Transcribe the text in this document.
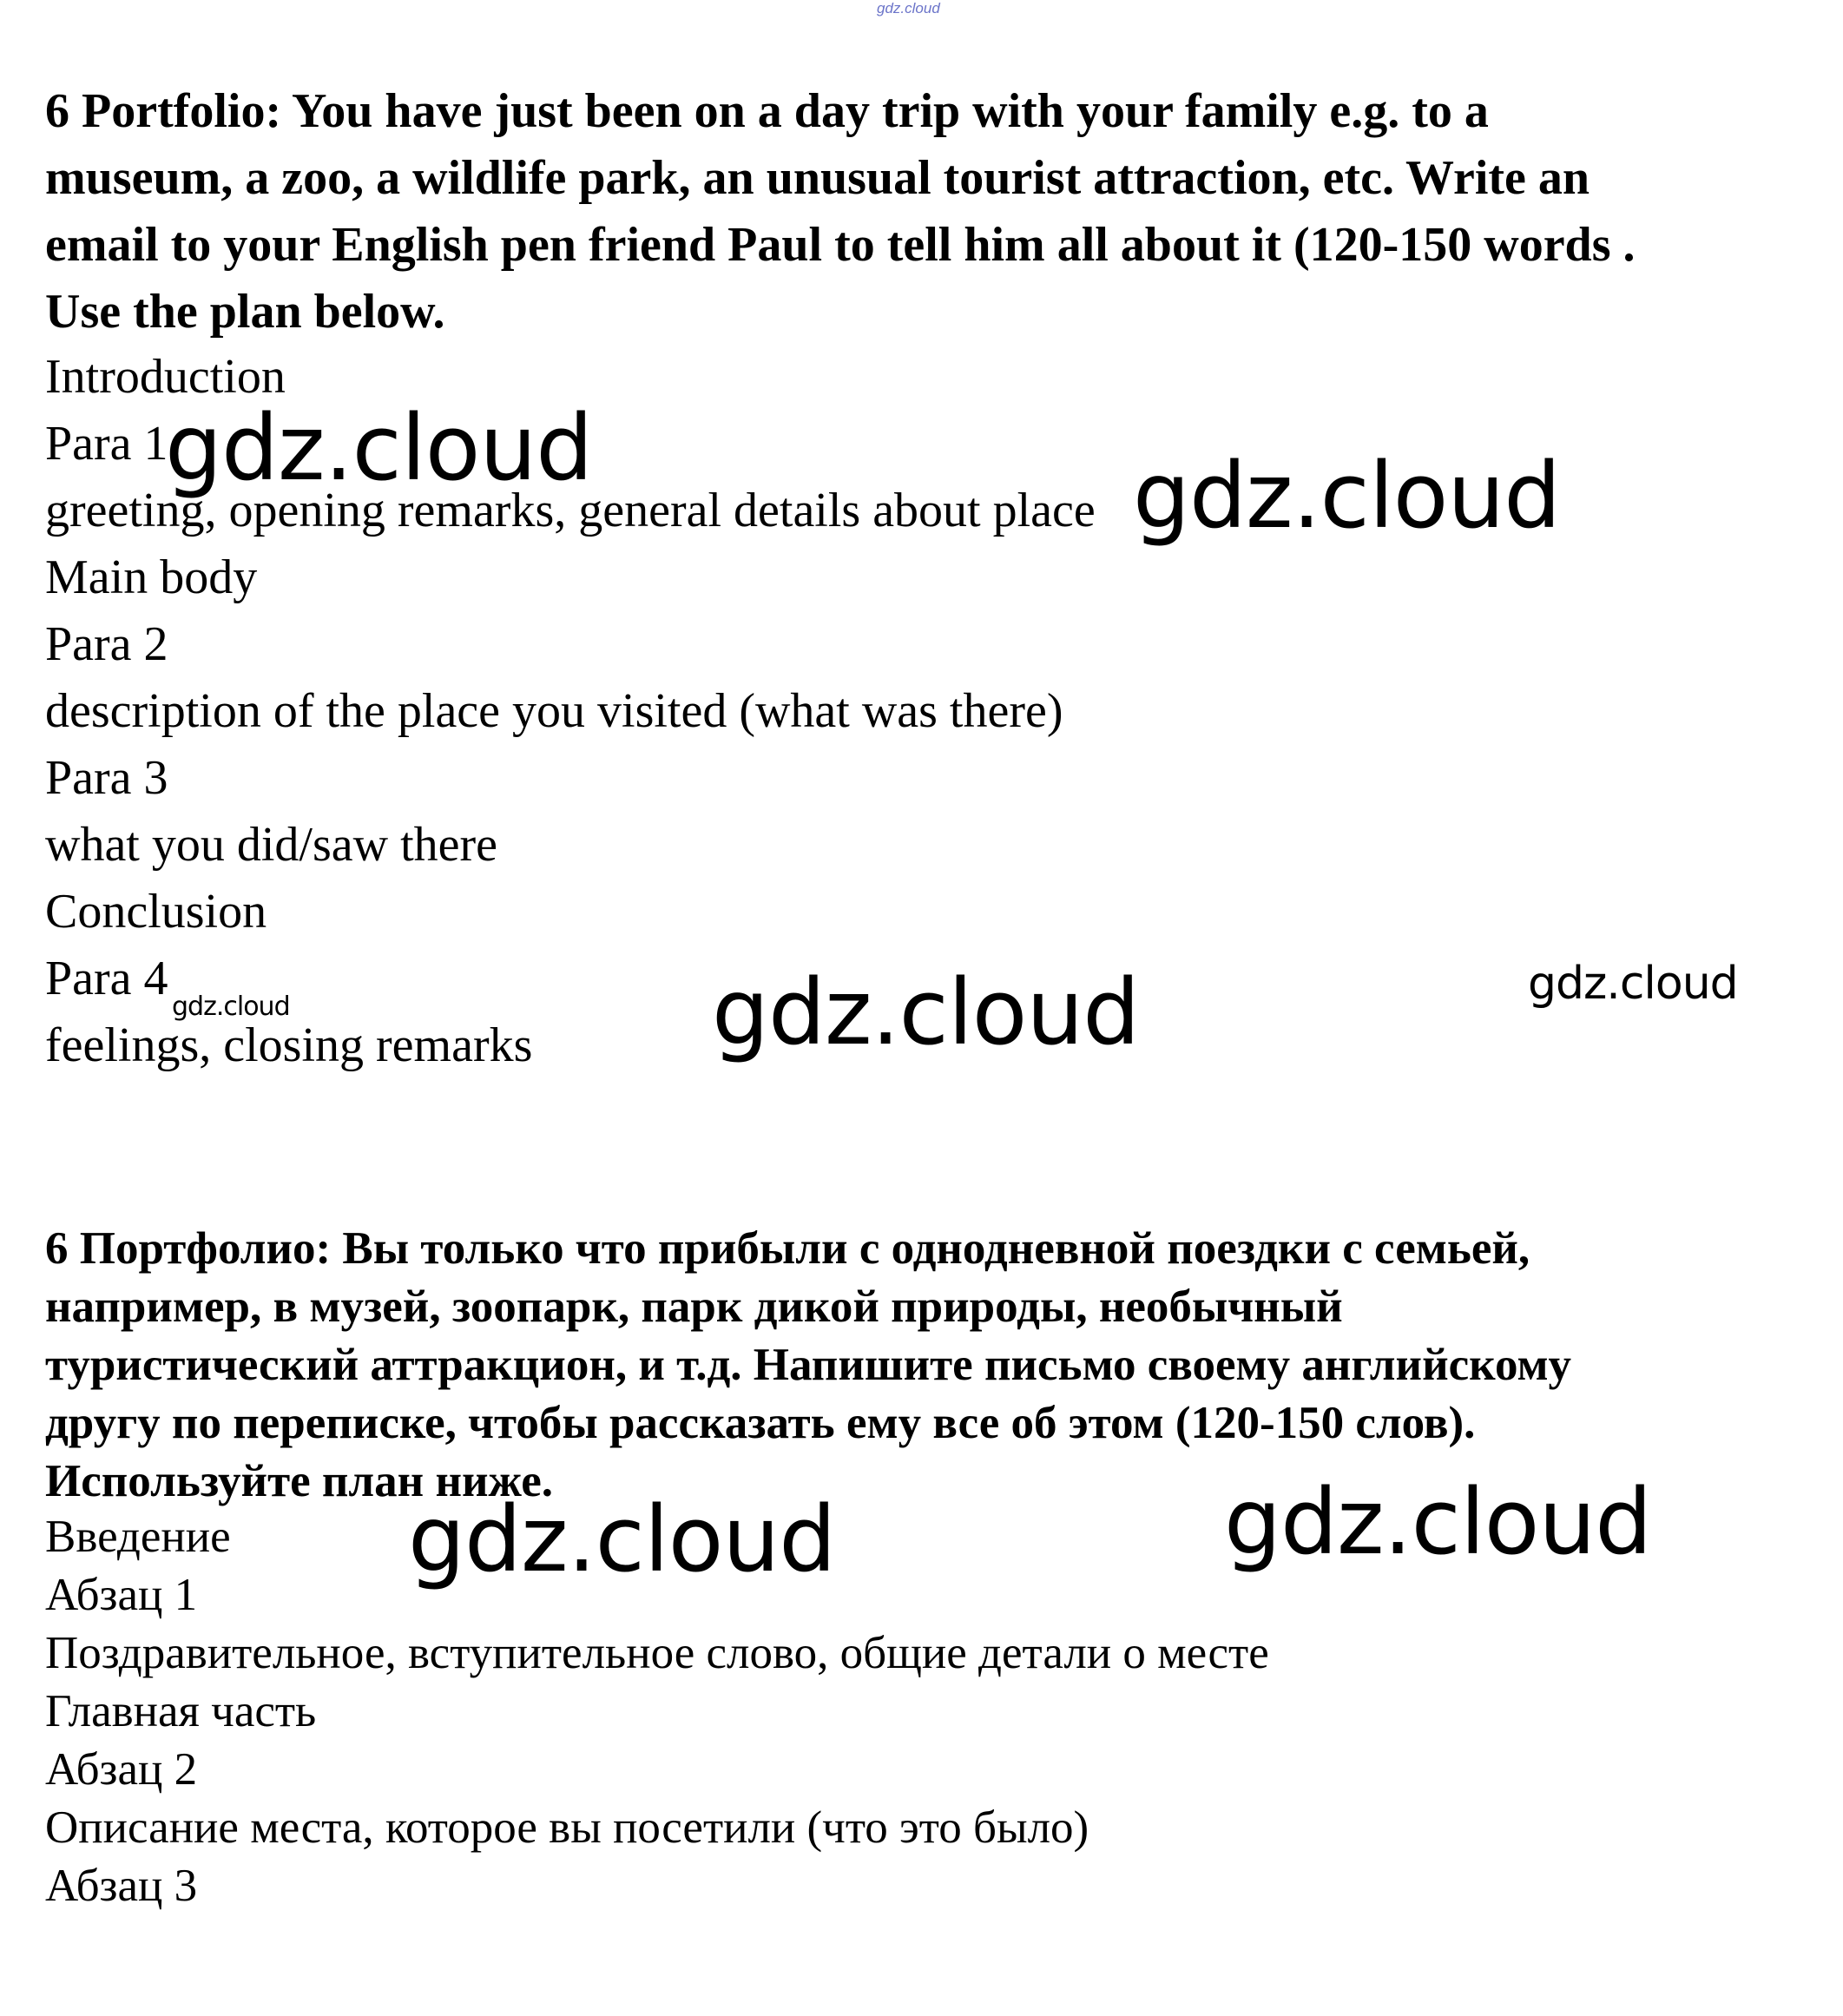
gdz.cloud
6 Portfolio: You have just been on a day trip with your family e.g. to a
museum, a zoo, a wildlife park, an unusual tourist attraction, etc. Write an
email to your English pen friend Paul to tell him all about it (120-150 words .
Use the plan below.
Introduction
Para 1
greeting, opening remarks, general details about place
Main body
Para 2
description of the place you visited (what was there)
Para 3
what you did/saw there
Conclusion
Para 4
feelings, closing remarks
6 Портфолио: Вы только что прибыли с однодневной поездки с семьей,
например, в музей, зоопарк, парк дикой природы, необычный
туристический аттракцион, и т.д. Напишите письмо своему английскому
другу по переписке, чтобы рассказать ему все об этом (120-150 слов).
Используйте план ниже.
Введение
Абзац 1
Поздравительное, вступительное слово, общие детали о месте
Главная часть
Абзац 2
Описание места, которое вы посетили (что это было)
Абзац 3
gdz.cloud	gdz.cloud
gdz.cloud	gdz.cloud
gdz.cloud
gdz.cloud	gdz.cloud
